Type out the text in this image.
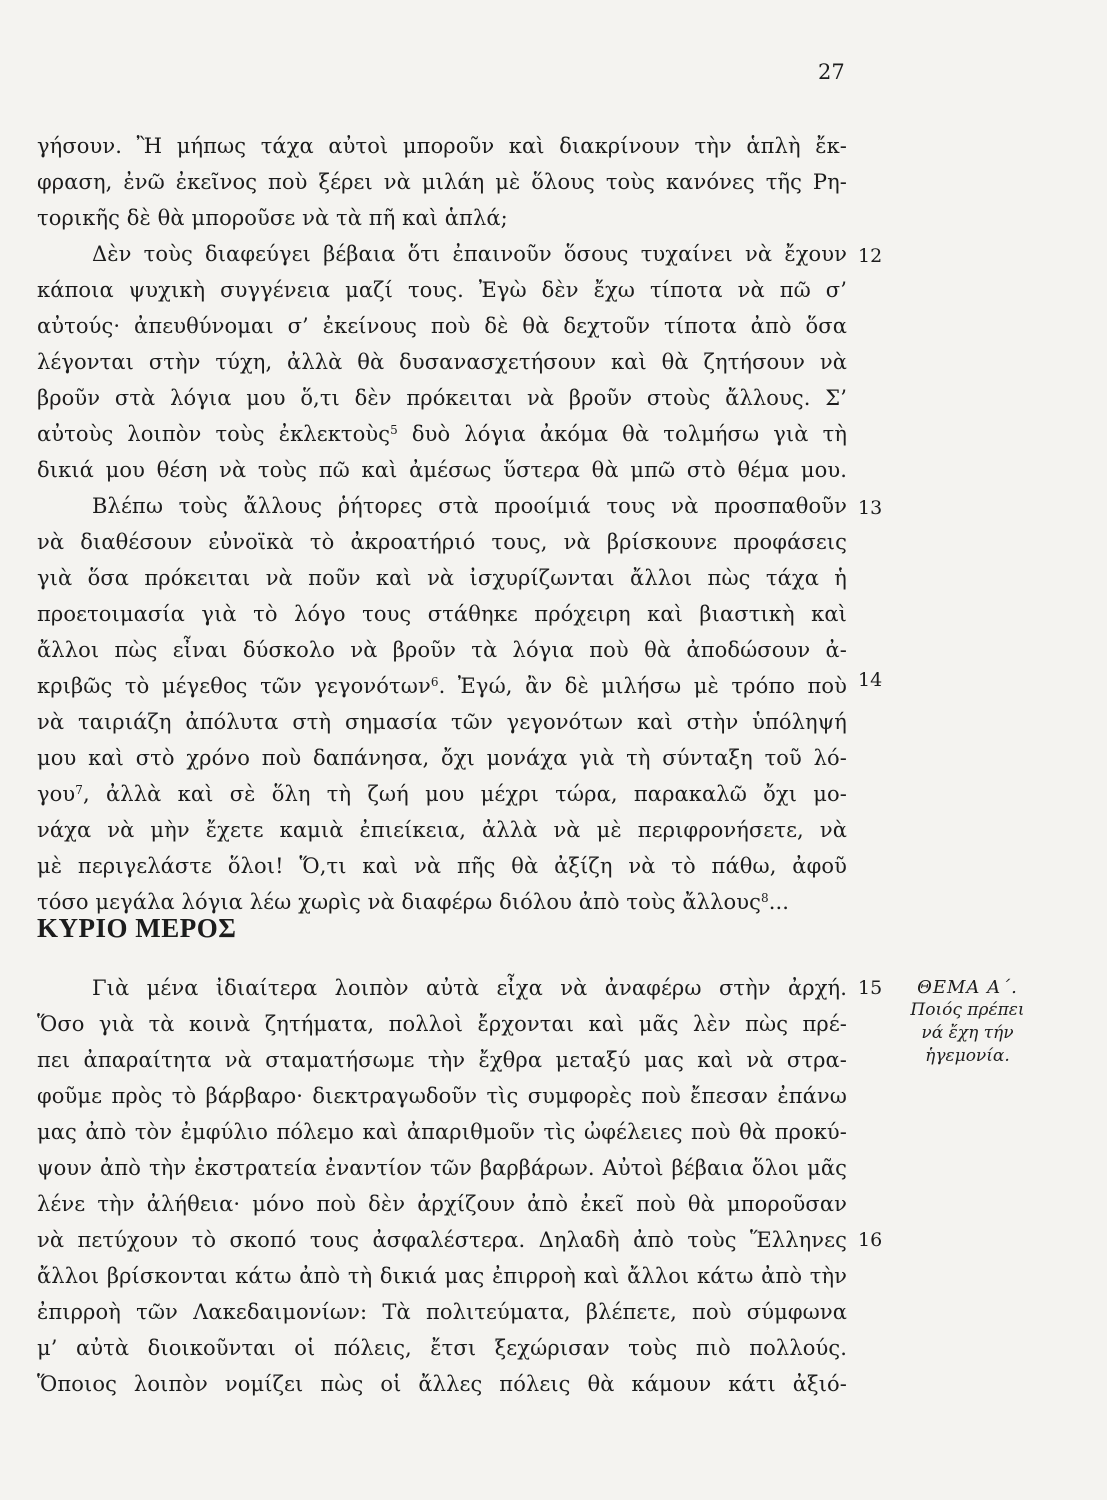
27
γήσουν. Ἢ μήπως τάχα αὐτοὶ μποροῦν καὶ διακρίνουν τὴν ἁπλὴ ἔκ-
φραση, ἐνῶ ἐκεῖνος ποὺ ξέρει νὰ μιλάη μὲ ὅλους τοὺς κανόνες τῆς Ρη-
τορικῆς δὲ θὰ μποροῦσε νὰ τὰ πῆ καὶ ἁπλά;
Δὲν τοὺς διαφεύγει βέβαια ὅτι ἐπαινοῦν ὅσους τυχαίνει νὰ ἔχουν
κάποια ψυχικὴ συγγένεια μαζί τους. Ἐγὼ δὲν ἔχω τίποτα νὰ πῶ σ’
αὐτούς· ἀπευθύνομαι σ’ ἐκείνους ποὺ δὲ θὰ δεχτοῦν τίποτα ἀπὸ ὅσα
λέγονται στὴν τύχη, ἀλλὰ θὰ δυσανασχετήσουν καὶ θὰ ζητήσουν νὰ
βροῦν στὰ λόγια μου ὅ,τι δὲν πρόκειται νὰ βροῦν στοὺς ἄλλους. Σ’
αὐτοὺς λοιπὸν τοὺς ἐκλεκτοὺς$^5$ δυὸ λόγια ἀκόμα θὰ τολμήσω γιὰ τὴ
δικιά μου θέση νὰ τοὺς πῶ καὶ ἀμέσως ὕστερα θὰ μπῶ στὸ θέμα μου.
Βλέπω τοὺς ἄλλους ῥήτορες στὰ προοίμιά τους νὰ προσπαθοῦν
νὰ διαθέσουν εὐνοϊκὰ τὸ ἀκροατήριό τους, νὰ βρίσκουνε προφάσεις
γιὰ ὅσα πρόκειται νὰ ποῦν καὶ νὰ ἰσχυρίζωνται ἄλλοι πὼς τάχα ἡ
προετοιμασία γιὰ τὸ λόγο τους στάθηκε πρόχειρη καὶ βιαστικὴ καὶ
ἄλλοι πὼς εἶναι δύσκολο νὰ βροῦν τὰ λόγια ποὺ θὰ ἀποδώσουν ἀ-
κριβῶς τὸ μέγεθος τῶν γεγονότων$^6$. Ἐγώ, ἂν δὲ μιλήσω μὲ τρόπο ποὺ
νὰ ταιριάζη ἀπόλυτα στὴ σημασία τῶν γεγονότων καὶ στὴν ὑπόληψή
μου καὶ στὸ χρόνο ποὺ δαπάνησα, ὄχι μονάχα γιὰ τὴ σύνταξη τοῦ λό-
γου$^7$, ἀλλὰ καὶ σὲ ὅλη τὴ ζωή μου μέχρι τώρα, παρακαλῶ ὄχι μο-
νάχα νὰ μὴν ἔχετε καμιὰ ἐπιείκεια, ἀλλὰ νὰ μὲ περιφρονήσετε, νὰ
μὲ περιγελάστε ὅλοι! Ὅ,τι καὶ νὰ πῆς θὰ ἀξίζη νὰ τὸ πάθω, ἀφοῦ
τόσο μεγάλα λόγια λέω χωρὶς νὰ διαφέρω διόλου ἀπὸ τοὺς ἄλλους$^8$...
ΚΥΡΙΟ ΜΕΡΟΣ
Γιὰ μένα ἰδιαίτερα λοιπὸν αὐτὰ εἶχα νὰ ἀναφέρω στὴν ἀρχή.
Ὅσο γιὰ τὰ κοινὰ ζητήματα, πολλοὶ ἔρχονται καὶ μᾶς λὲν πὼς πρέ-
πει ἀπαραίτητα νὰ σταματήσωμε τὴν ἔχθρα μεταξύ μας καὶ νὰ στρα-
φοῦμε πρὸς τὸ βάρβαρο· διεκτραγωδοῦν τὶς συμφορὲς ποὺ ἔπεσαν ἐπάνω
μας ἀπὸ τὸν ἐμφύλιο πόλεμο καὶ ἀπαριθμοῦν τὶς ὠφέλειες ποὺ θὰ προκύ-
ψουν ἀπὸ τὴν ἐκστρατεία ἐναντίον τῶν βαρβάρων. Αὐτοὶ βέβαια ὅλοι μᾶς
λένε τὴν ἀλήθεια· μόνο ποὺ δὲν ἀρχίζουν ἀπὸ ἐκεῖ ποὺ θὰ μποροῦσαν
νὰ πετύχουν τὸ σκοπό τους ἀσφαλέστερα. Δηλαδὴ ἀπὸ τοὺς Ἕλληνες
ἄλλοι βρίσκονται κάτω ἀπὸ τὴ δικιά μας ἐπιρροὴ καὶ ἄλλοι κάτω ἀπὸ τὴν
ἐπιρροὴ τῶν Λακεδαιμονίων: Τὰ πολιτεύματα, βλέπετε, ποὺ σύμφωνα
μ’ αὐτὰ διοικοῦνται οἱ πόλεις, ἔτσι ξεχώρισαν τοὺς πιὸ πολλούς.
Ὅποιος λοιπὸν νομίζει πὼς οἱ ἄλλες πόλεις θὰ κάμουν κάτι ἀξιό-
12
13
14
15
16
ΘΕΜΑ Α΄.
Ποιός πρέπει
νά ἔχη τήν
ἡγεμονία.
